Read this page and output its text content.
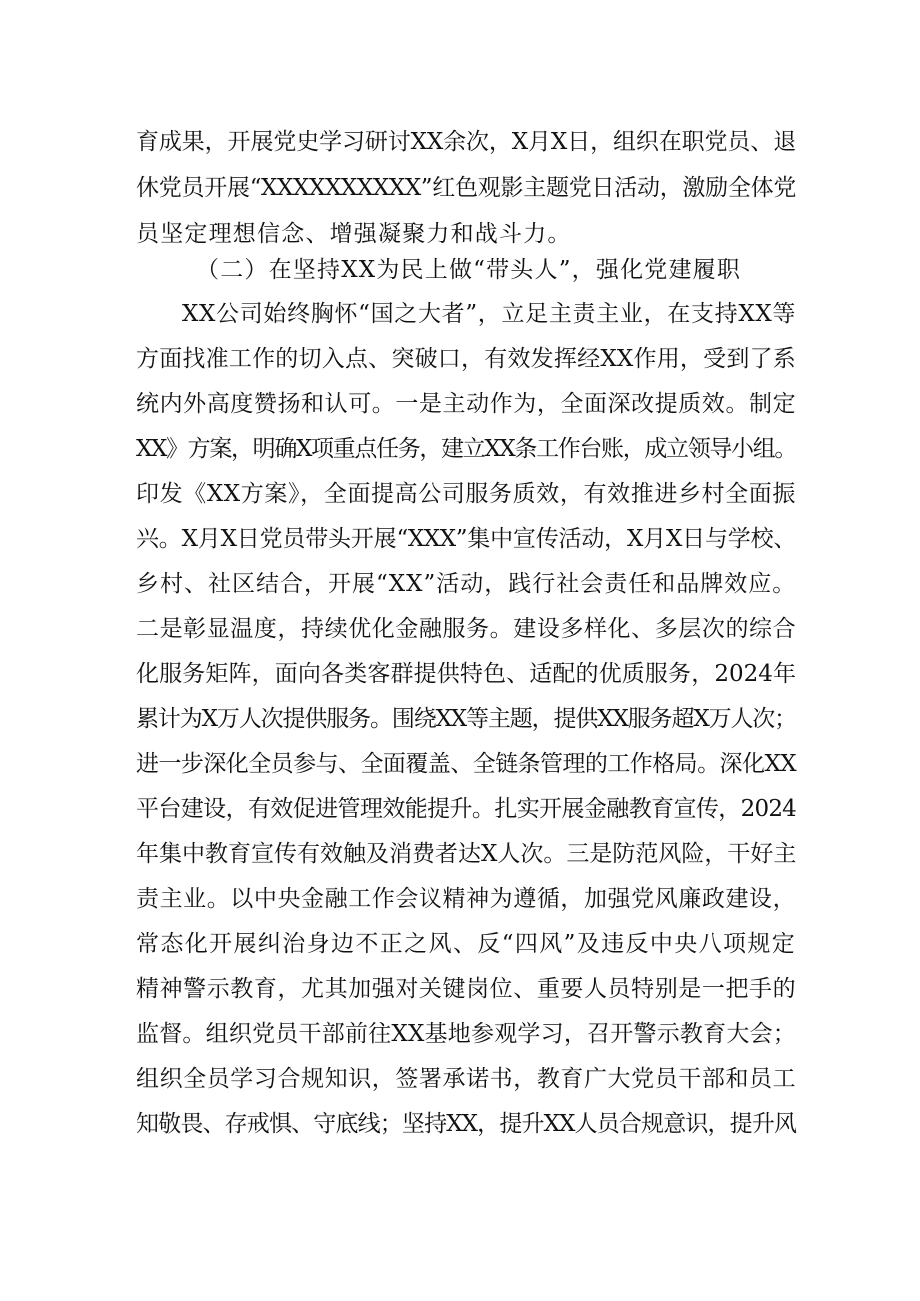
育成果，开展党史学习研讨XX余次，X月X日，组织在职党员、退
休党员开展“XXXXXXXXXX”红色观影主题党日活动，激励全体党
员坚定理想信念、增强凝聚力和战斗力。
（二）在坚持XX为民上做“带头人”，强化党建履职
XX公司始终胸怀“国之大者”，立足主责主业，在支持XX等
方面找准工作的切入点、突破口，有效发挥经XX作用，受到了系
统内外高度赞扬和认可。一是主动作为，全面深改提质效。制定
XX》方案，明确X项重点任务，建立XX条工作台账，成立领导小组。
印发《XX方案》，全面提高公司服务质效，有效推进乡村全面振
兴。X月X日党员带头开展“XXX”集中宣传活动，X月X日与学校、
乡村、社区结合，开展“XX”活动，践行社会责任和品牌效应。
二是彰显温度，持续优化金融服务。建设多样化、多层次的综合
化服务矩阵，面向各类客群提供特色、适配的优质服务，2024年
累计为X万人次提供服务。围绕XX等主题，提供XX服务超X万人次；
进一步深化全员参与、全面覆盖、全链条管理的工作格局。深化XX
平台建设，有效促进管理效能提升。扎实开展金融教育宣传，2024
年集中教育宣传有效触及消费者达X人次。三是防范风险，干好主
责主业。以中央金融工作会议精神为遵循，加强党风廉政建设，
常态化开展纠治身边不正之风、反“四风”及违反中央八项规定
精神警示教育，尤其加强对关键岗位、重要人员特别是一把手的
监督。组织党员干部前往XX基地参观学习，召开警示教育大会；
组织全员学习合规知识，签署承诺书，教育广大党员干部和员工
知敬畏、存戒惧、守底线；坚持XX，提升XX人员合规意识，提升风
